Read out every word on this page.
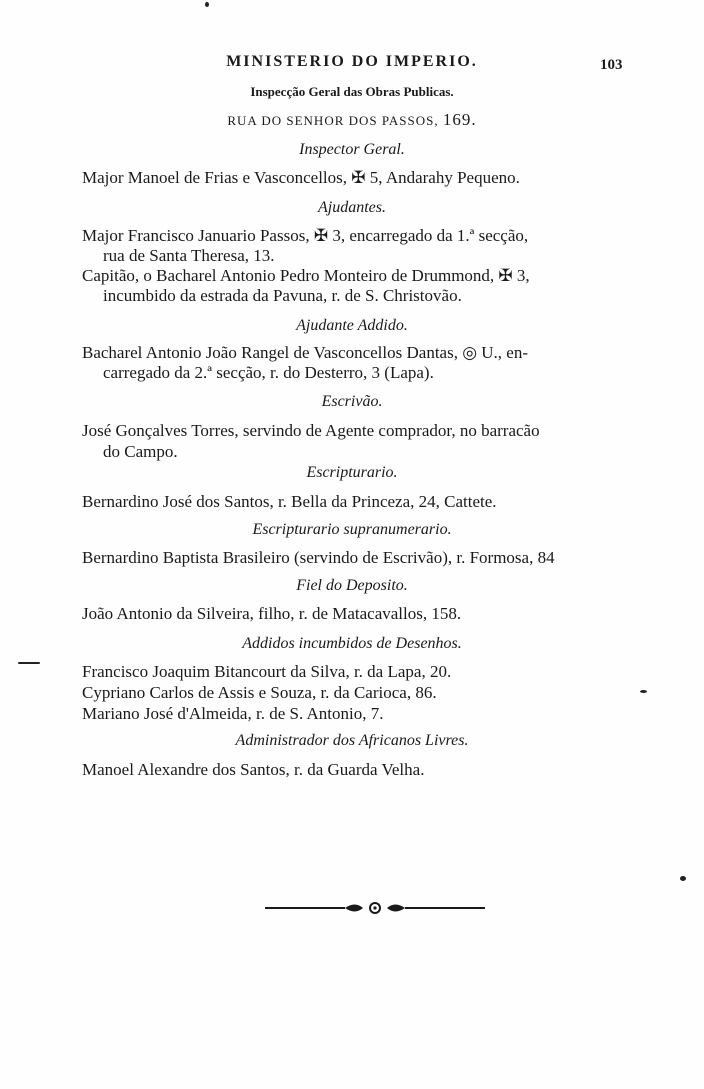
MINISTERIO DO IMPERIO.	103
Inspecção Geral das Obras Publicas.
RUA DO SENHOR DOS PASSOS, 169.
Inspector Geral.
Major Manoel de Frias e Vasconcellos, ✠ 5, Andarahy Pequeno.
Ajudantes.
Major Francisco Januario Passos, ✠ 3, encarregado da 1.ª secção,
rua de Santa Theresa, 13.
Capitão, o Bacharel Antonio Pedro Monteiro de Drummond, ✠ 3,
incumbido da estrada da Pavuna, r. de S. Christovão.
Ajudante Addido.
Bacharel Antonio João Rangel de Vasconcellos Dantas, ◎ U., en-
carregado da 2.ª secção, r. do Desterro, 3 (Lapa).
Escrivão.
José Gonçalves Torres, servindo de Agente comprador, no barracão
do Campo.
Escripturario.
Bernardino José dos Santos, r. Bella da Princeza, 24, Cattete.
Escripturario supranumerario.
Bernardino Baptista Brasileiro (servindo de Escrivão), r. Formosa, 84
Fiel do Deposito.
João Antonio da Silveira, filho, r. de Matacavallos, 158.
Addidos incumbidos de Desenhos.
Francisco Joaquim Bitancourt da Silva, r. da Lapa, 20.
Cypriano Carlos de Assis e Souza, r. da Carioca, 86.
Mariano José d'Almeida, r. de S. Antonio, 7.
Administrador dos Africanos Livres.
Manoel Alexandre dos Santos, r. da Guarda Velha.
